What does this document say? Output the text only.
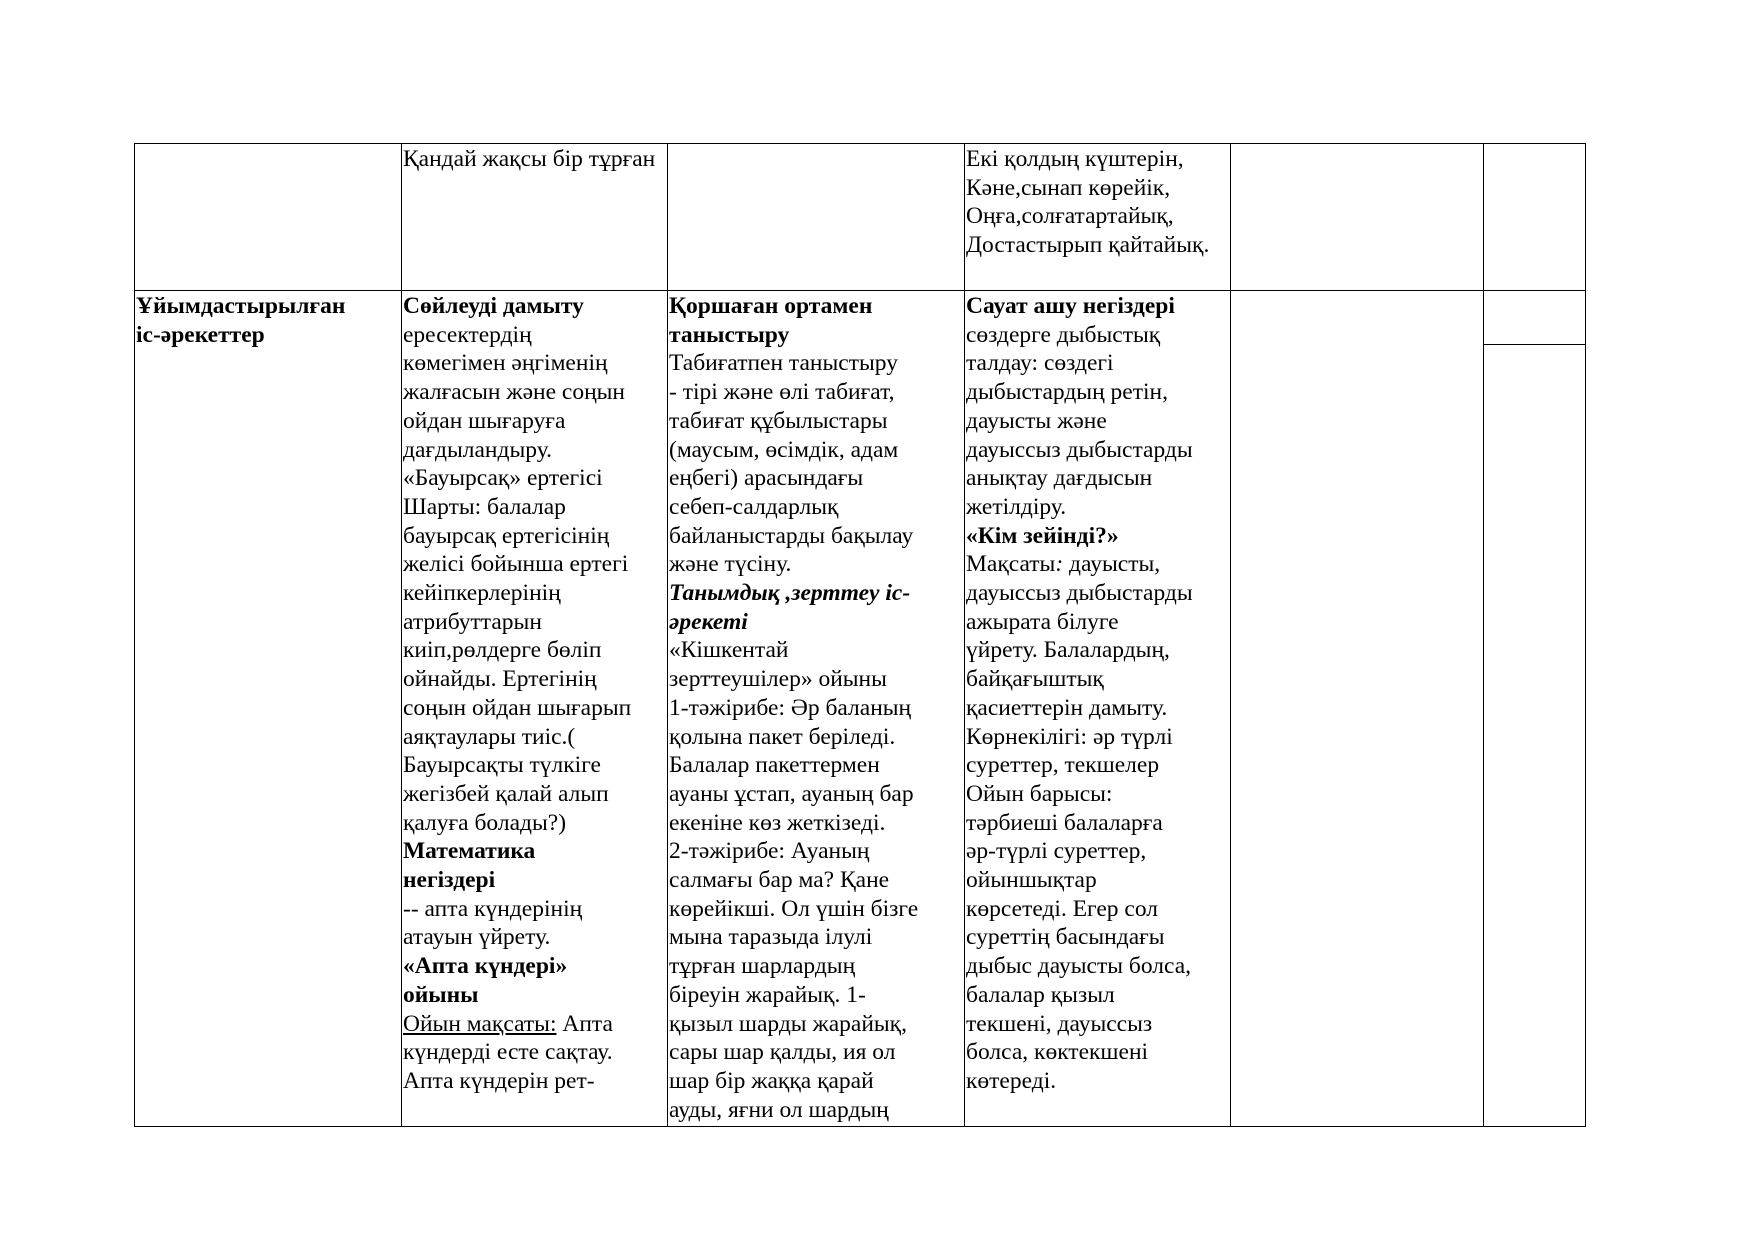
Қандай жақсы бір тұрған	Екі қолдың күштерін,
Кәне,сынап көрейік,
Оңға,солғатартайық,
Достастырып қайтайық.
Ұйымдастырылған
іс-әрекеттер
Сөйлеуді дамыту
ересектердің
көмегімен әңгіменің
жалғасын және соңын
ойдан шығаруға
дағдыландыру.
«Бауырсақ» ертегісі
Шарты: балалар
бауырсақ ертегісінің
желісі бойынша ертегі
кейіпкерлерінің
атрибуттарын
киіп,рөлдерге бөліп
ойнайды. Ертегінің
соңын ойдан шығарып
аяқтаулары тиіс.(
Бауырсақты түлкіге
жегізбей қалай алып
қалуға болады?)
Математика
негіздері
-- апта күндерінің
атауын үйрету.
«Апта күндері»
ойыны
Ойын мақсаты: Апта
күндерді есте сақтау.
Апта күндерін рет-
Қоршаған ортамен
таныстыру
Табиғатпен таныстыру
- тірі және өлі табиғат,
табиғат құбылыстары
(маусым, өсімдік, адам
еңбегі) арасындағы
себеп-салдарлық
байланыстарды бақылау
және түсіну.
Танымдық ,зерттеу іс-
әрекеті
«Кішкентай
зерттеушілер» ойыны
1-тәжірибе: Әр баланың
қолына пакет беріледі.
Балалар пакеттермен
ауаны ұстап, ауаның бар
екеніне көз жеткізеді.
2-тәжірибе: Ауаның
салмағы бар ма? Қане
көрейікші. Ол үшін бізге
мына таразыда ілулі
тұрған шарлардың
біреуін жарайық. 1-
қызыл шарды жарайық,
сары шар қалды, ия ол
шар бір жаққа қарай
ауды, яғни ол шардың
Сауат ашу негіздері
сөздерге дыбыстық
талдау: сөздегі
дыбыстардың ретін,
дауысты және
дауыссыз дыбыстарды
анықтау дағдысын
жетілдіру.
«Кім зейінді?»
Мақсаты: дауысты,
дауыссыз дыбыстарды
ажырата білуге
үйрету. Балалардың,
байқағыштық
қасиеттерін дамыту.
Көрнекілігі: әр түрлі
суреттер, текшелер
Ойын барысы:
тәрбиеші балаларға
әр-түрлі суреттер,
ойыншықтар
көрсетеді. Егер сол
суреттің басындағы
дыбыс дауысты болса,
балалар қызыл
текшені, дауыссыз
болса, көктекшені
көтереді.
